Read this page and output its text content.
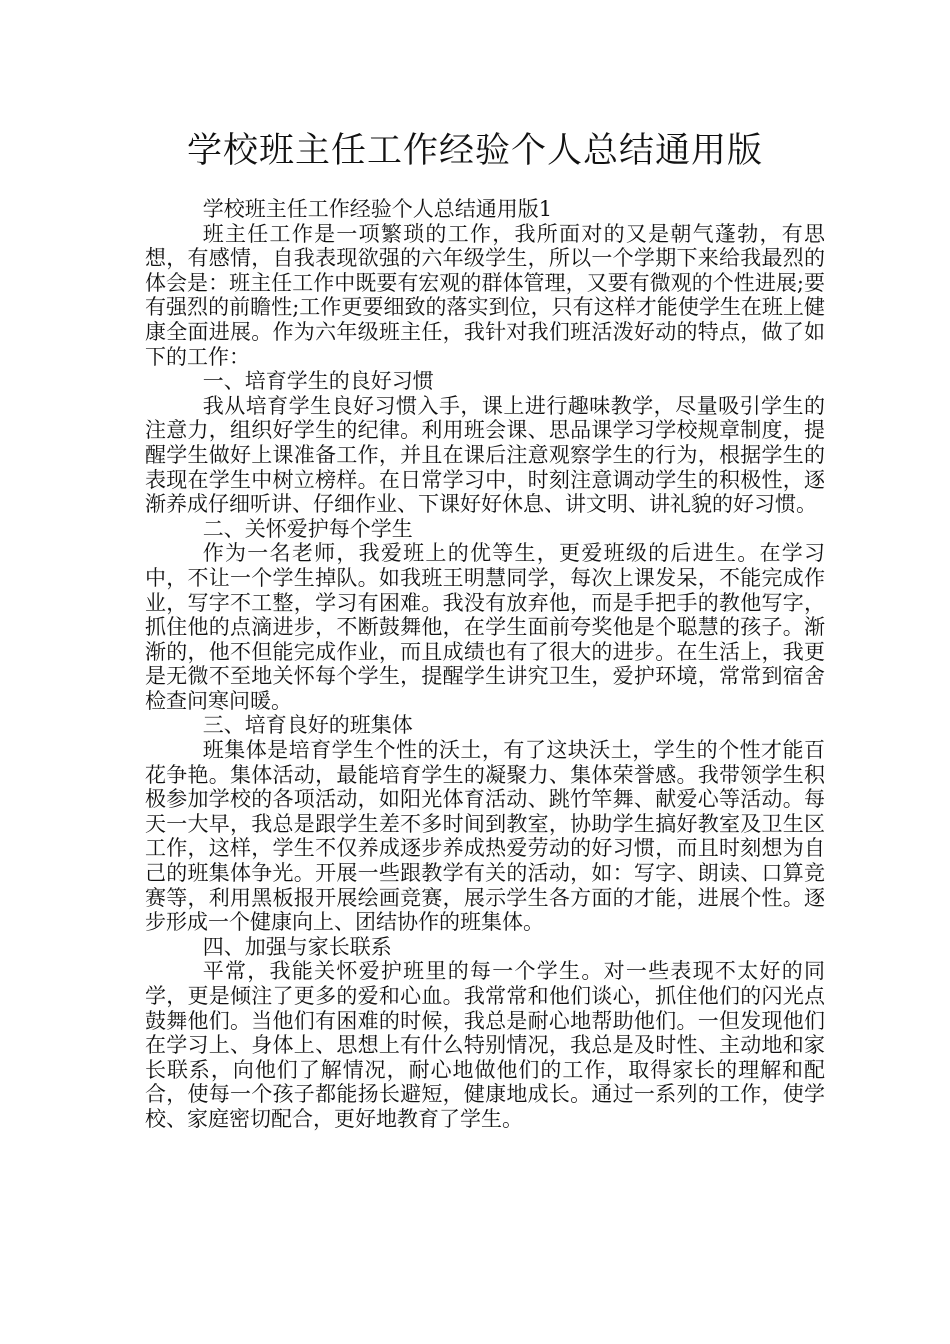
学校班主任工作经验个人总结通用版

学校班主任工作经验个人总结通用版1

班主任工作是一项繁琐的工作，我所面对的又是朝气蓬勃，有思想，有感情，自我表现欲强的六年级学生，所以一个学期下来给我最烈的体会是：班主任工作中既要有宏观的群体管理，又要有微观的个性进展;要有强烈的前瞻性;工作更要细致的落实到位，只有这样才能使学生在班上健康全面进展。作为六年级班主任，我针对我们班活泼好动的特点，做了如下的工作：

一、培育学生的良好习惯

我从培育学生良好习惯入手，课上进行趣味教学，尽量吸引学生的注意力，组织好学生的纪律。利用班会课、思品课学习学校规章制度，提醒学生做好上课准备工作，并且在课后注意观察学生的行为，根据学生的表现在学生中树立榜样。在日常学习中，时刻注意调动学生的积极性，逐渐养成仔细听讲、仔细作业、下课好好休息、讲文明、讲礼貌的好习惯。

二、关怀爱护每个学生

作为一名老师，我爱班上的优等生，更爱班级的后进生。在学习中，不让一个学生掉队。如我班王明慧同学，每次上课发呆，不能完成作业，写字不工整，学习有困难。我没有放弃他，而是手把手的教他写字，抓住他的点滴进步，不断鼓舞他，在学生面前夸奖他是个聪慧的孩子。渐渐的，他不但能完成作业，而且成绩也有了很大的进步。在生活上，我更是无微不至地关怀每个学生，提醒学生讲究卫生，爱护环境，常常到宿舍检查问寒问暖。

三、培育良好的班集体

班集体是培育学生个性的沃土，有了这块沃土，学生的个性才能百花争艳。集体活动，最能培育学生的凝聚力、集体荣誉感。我带领学生积极参加学校的各项活动，如阳光体育活动、跳竹竿舞、献爱心等活动。每天一大早，我总是跟学生差不多时间到教室，协助学生搞好教室及卫生区工作，这样，学生不仅养成逐步养成热爱劳动的好习惯，而且时刻想为自己的班集体争光。开展一些跟教学有关的活动，如：写字、朗读、口算竞赛等，利用黑板报开展绘画竞赛，展示学生各方面的才能，进展个性。逐步形成一个健康向上、团结协作的班集体。

四、加强与家长联系

平常，我能关怀爱护班里的每一个学生。对一些表现不太好的同学，更是倾注了更多的爱和心血。我常常和他们谈心，抓住他们的闪光点鼓舞他们。当他们有困难的时候，我总是耐心地帮助他们。一但发现他们在学习上、身体上、思想上有什么特别情况，我总是及时性、主动地和家长联系，向他们了解情况，耐心地做他们的工作，取得家长的理解和配合，使每一个孩子都能扬长避短，健康地成长。通过一系列的工作，使学校、家庭密切配合，更好地教育了学生。
